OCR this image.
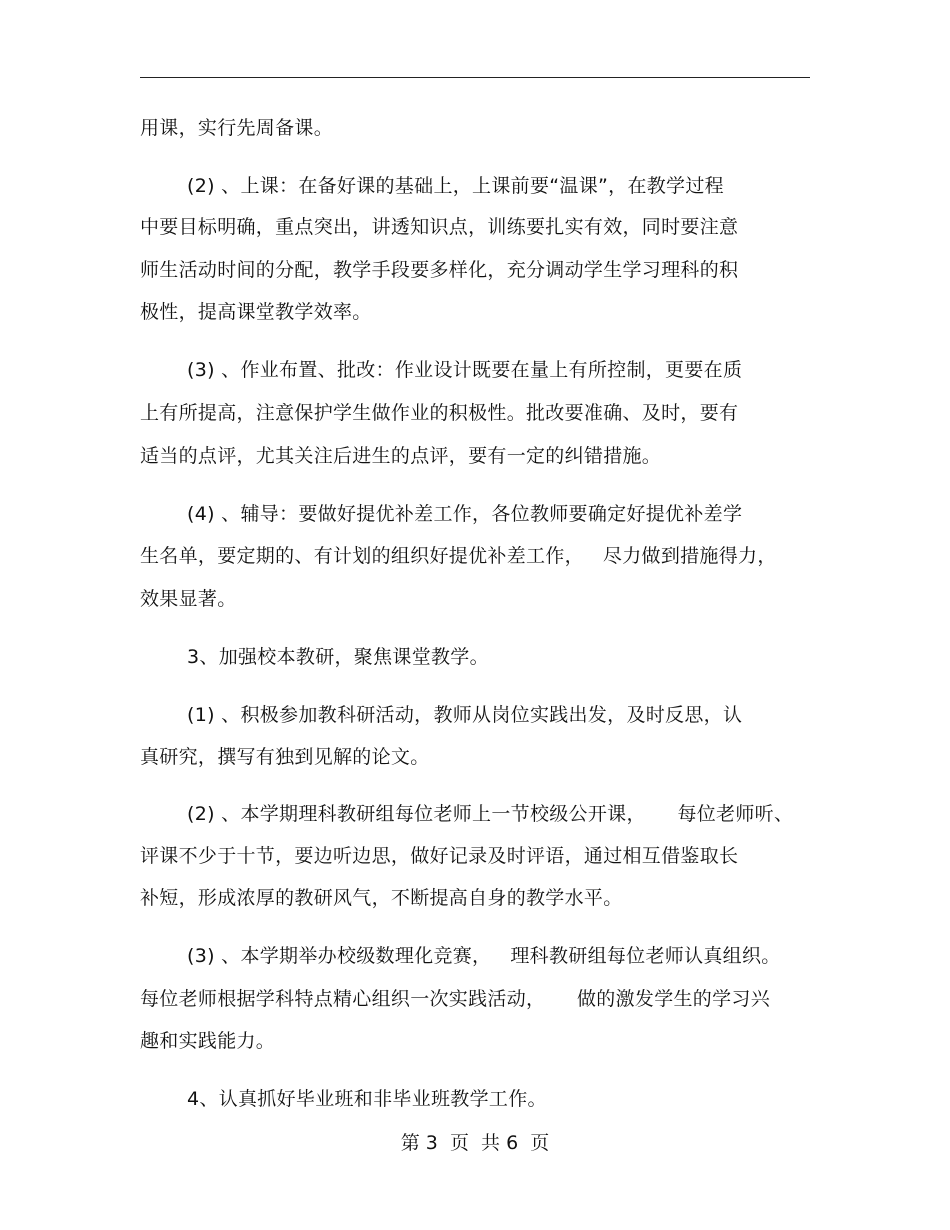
用课，实行先周备课。
(2) 、上课：在备好课的基础上，上课前要“温课”，在教学过程
中要目标明确，重点突出，讲透知识点，训练要扎实有效，同时要注意
师生活动时间的分配，教学手段要多样化，充分调动学生学习理科的积
极性，提高课堂教学效率。
(3) 、作业布置、批改：作业设计既要在量上有所控制，更要在质
上有所提高，注意保护学生做作业的积极性。批改要准确、及时，要有
适当的点评，尤其关注后进生的点评，要有一定的纠错措施。
(4) 、辅导：要做好提优补差工作，各位教师要确定好提优补差学
生名单，要定期的、有计划的组织好提优补差工作，   尽力做到措施得力，
效果显著。
3、加强校本教研，聚焦课堂教学。
(1) 、积极参加教科研活动，教师从岗位实践出发，及时反思，认
真研究，撰写有独到见解的论文。
(2) 、本学期理科教研组每位老师上一节校级公开课，     每位老师听、
评课不少于十节，要边听边思，做好记录及时评语，通过相互借鉴取长
补短，形成浓厚的教研风气，不断提高自身的教学水平。
(3) 、本学期举办校级数理化竞赛，   理科教研组每位老师认真组织。
每位老师根据学科特点精心组织一次实践活动，     做的激发学生的学习兴
趣和实践能力。
4、认真抓好毕业班和非毕业班教学工作。
第 3  页  共 6  页
